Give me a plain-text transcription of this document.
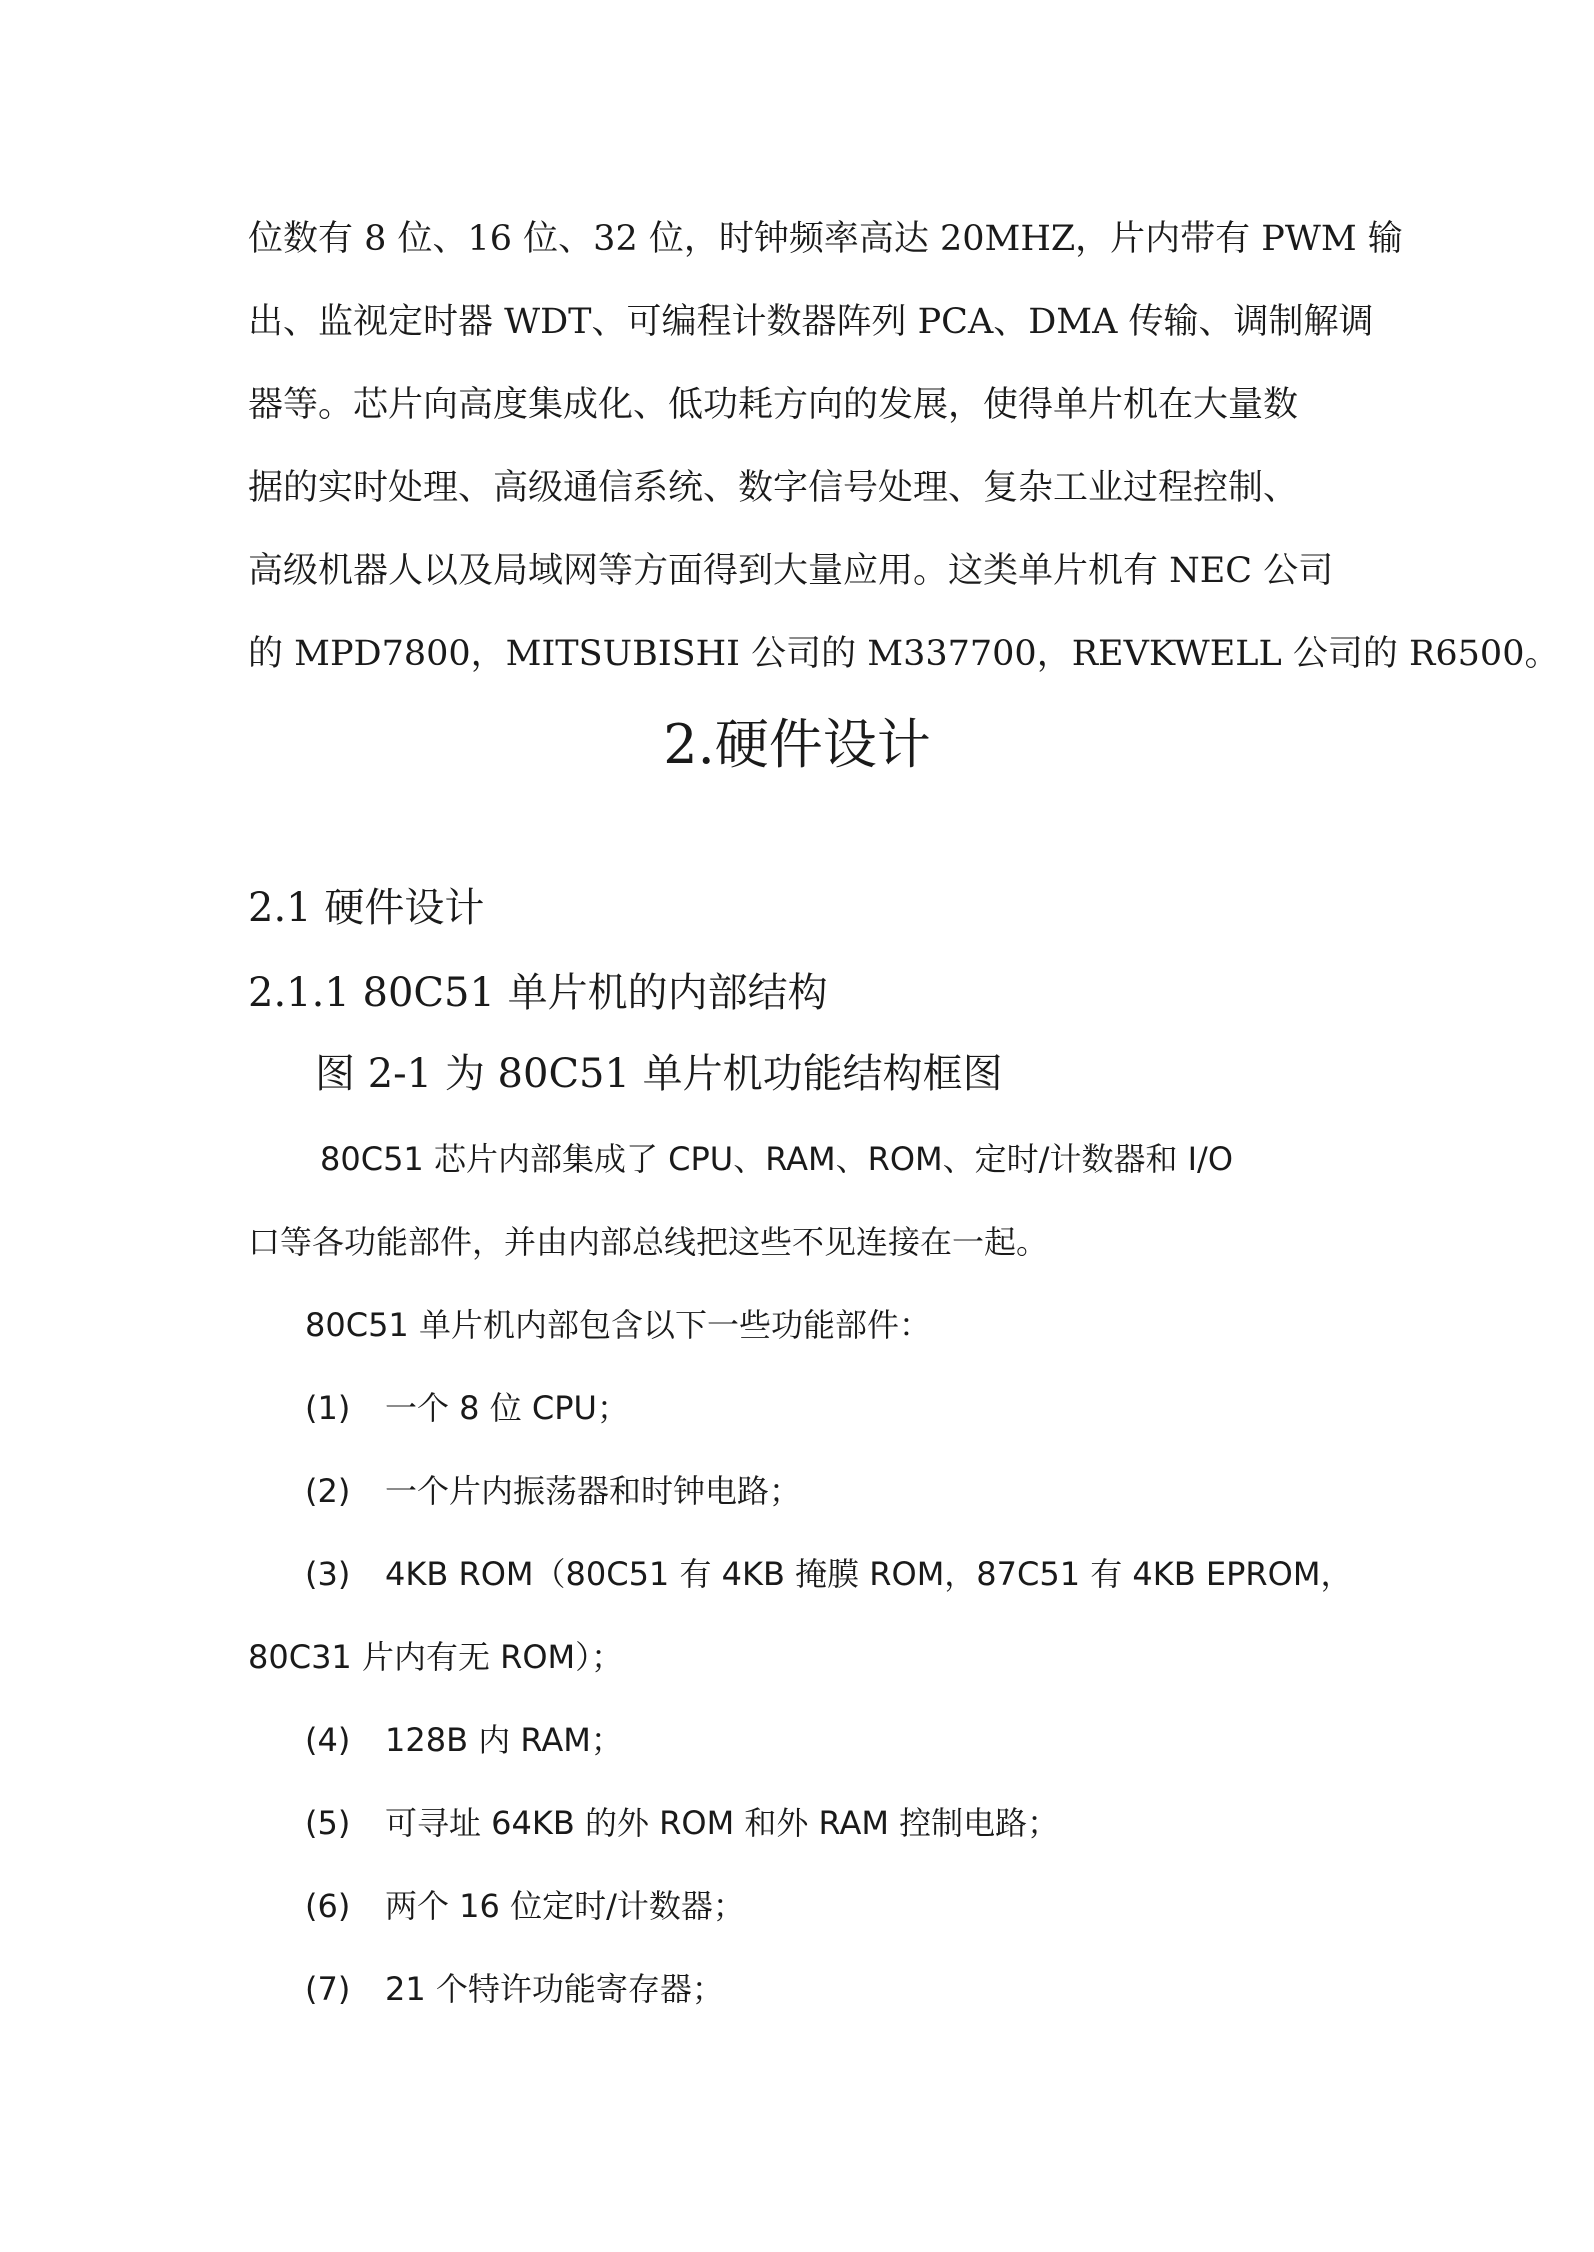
位数有 8 位、16 位、32 位，时钟频率高达 20MHZ，片内带有 PWM 输

出、监视定时器 WDT、可编程计数器阵列 PCA、DMA 传输、调制解调

器等。芯片向高度集成化、低功耗方向的发展，使得单片机在大量数

据的实时处理、高级通信系统、数字信号处理、复杂工业过程控制、

高级机器人以及局域网等方面得到大量应用。这类单片机有 NEC 公司

的 MPD7800，MITSUBISHI 公司的 M337700，REVKWELL 公司的 R6500。

2.硬件设计
2.1 硬件设计
2.1.1 80C51 单片机的内部结构

图 2-1 为 80C51 单片机功能结构框图

80C51 芯片内部集成了 CPU、RAM、ROM、定时/计数器和 I/O

口等各功能部件，并由内部总线把这些不见连接在一起。

80C51 单片机内部包含以下一些功能部件：

(1) 一个 8 位 CPU；

(2) 一个片内振荡器和时钟电路；

(3) 4KB ROM（80C51 有 4KB 掩膜 ROM，87C51 有 4KB EPROM，

80C31 片内有无 ROM）；

(4) 128B 内 RAM；

(5) 可寻址 64KB 的外 ROM 和外 RAM 控制电路；

(6) 两个 16 位定时/计数器；

(7) 21 个特许功能寄存器；
